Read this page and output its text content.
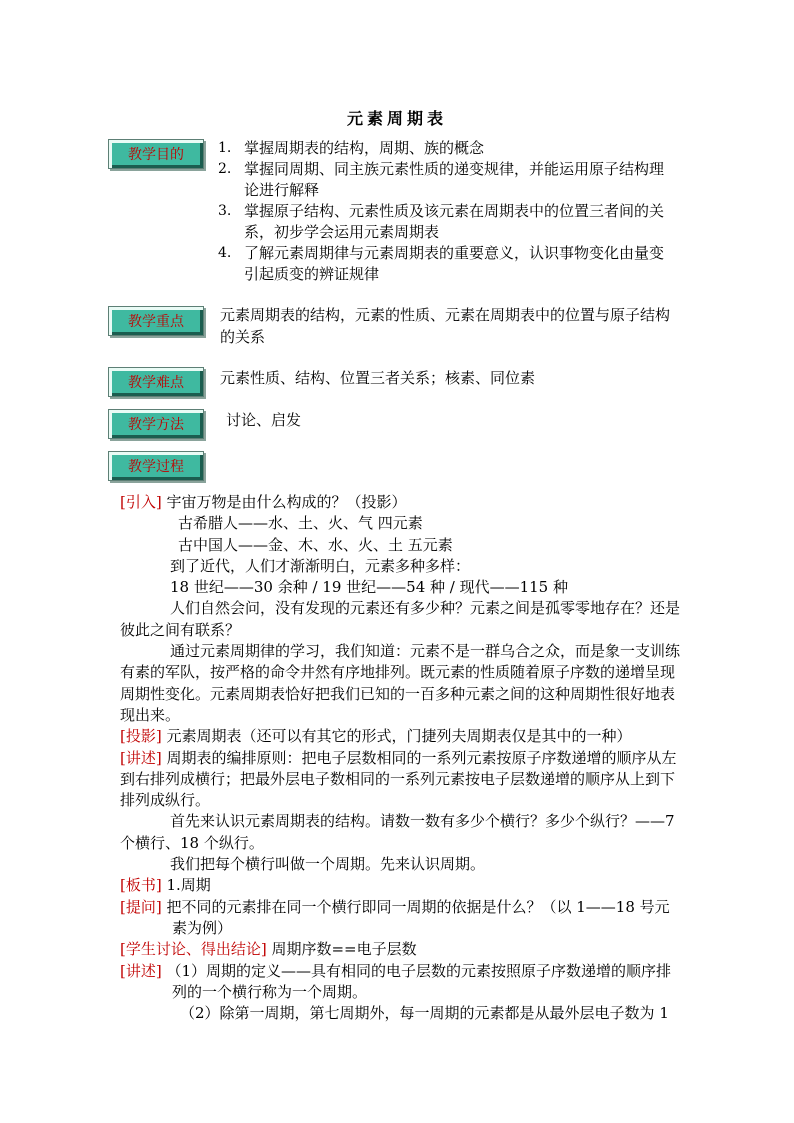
元素周期表
教学目的
教学重点
教学难点
教学方法
教学过程
1. 掌握周期表的结构，周期、族的概念
2. 掌握同周期、同主族元素性质的递变规律，并能运用原子结构理论进行解释
3. 掌握原子结构、元素性质及该元素在周期表中的位置三者间的关系，初步学会运用元素周期表
4. 了解元素周期律与元素周期表的重要意义，认识事物变化由量变引起质变的辨证规律
元素周期表的结构，元素的性质、元素在周期表中的位置与原子结构的关系
元素性质、结构、位置三者关系；核素、同位素
讨论、启发

[引入] 宇宙万物是由什么构成的？（投影）

古希腊人——水、土、火、气 四元素

古中国人——金、木、水、火、土 五元素

到了近代，人们才渐渐明白，元素多种多样：

18 世纪——30 余种 / 19 世纪——54 种 / 现代——115 种

人们自然会问，没有发现的元素还有多少种？元素之间是孤零零地存在？还是彼此之间有联系？

通过元素周期律的学习，我们知道：元素不是一群乌合之众，而是象一支训练有素的军队，按严格的命令井然有序地排列。既元素的性质随着原子序数的递增呈现周期性变化。元素周期表恰好把我们已知的一百多种元素之间的这种周期性很好地表现出来。

[投影] 元素周期表（还可以有其它的形式，门捷列夫周期表仅是其中的一种）

[讲述] 周期表的编排原则：把电子层数相同的一系列元素按原子序数递增的顺序从左到右排列成横行；把最外层电子数相同的一系列元素按电子层数递增的顺序从上到下排列成纵行。

首先来认识元素周期表的结构。请数一数有多少个横行？多少个纵行？——7 个横行、18 个纵行。

我们把每个横行叫做一个周期。先来认识周期。

[板书] 1.周期

[提问] 把不同的元素排在同一个横行即同一周期的依据是什么？（以 1——18 号元素为例）

[学生讨论、得出结论] 周期序数==电子层数

[讲述] （1）周期的定义——具有相同的电子层数的元素按照原子序数递增的顺序排列的一个横行称为一个周期。

（2）除第一周期，第七周期外，每一周期的元素都是从最外层电子数为 1
